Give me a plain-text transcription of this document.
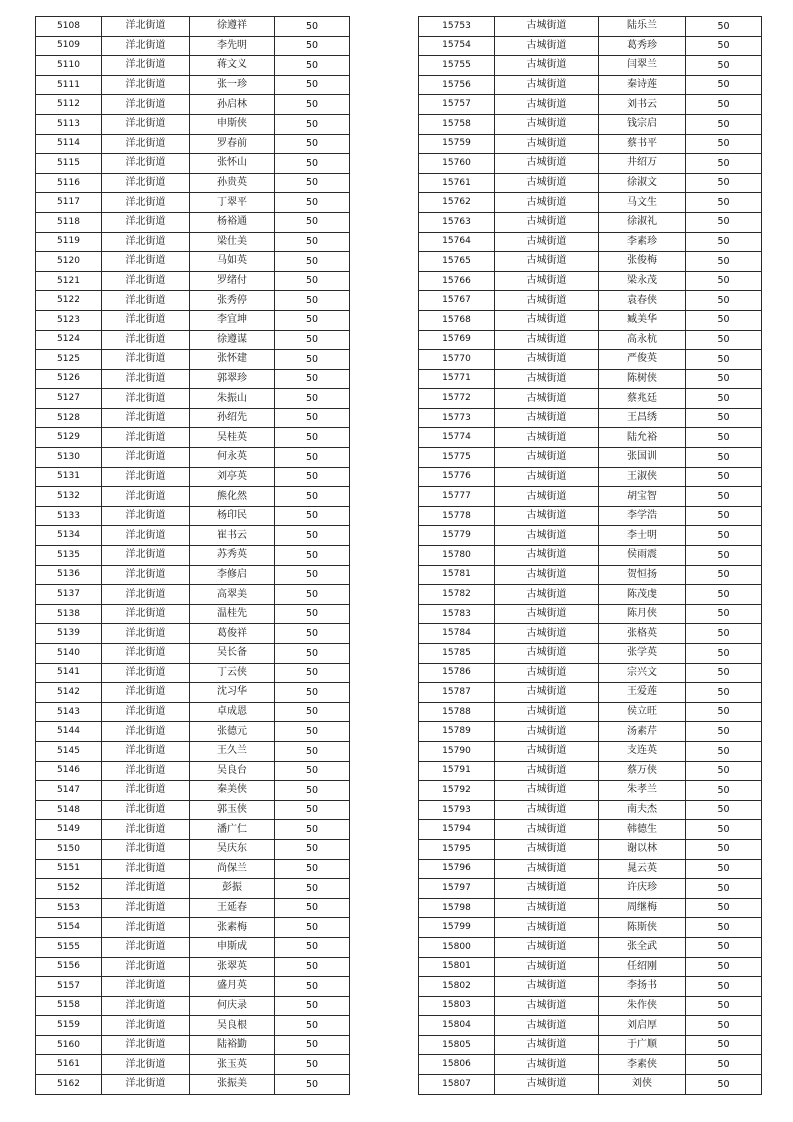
5108	洋北街道	徐遵祥	50
5109	洋北街道	李先明	50
5110	洋北街道	蒋文义	50
5111	洋北街道	张一珍	50
5112	洋北街道	孙启林	50
5113	洋北街道	申斯侠	50
5114	洋北街道	罗春前	50
5115	洋北街道	张怀山	50
5116	洋北街道	孙贵英	50
5117	洋北街道	丁翠平	50
5118	洋北街道	杨裕通	50
5119	洋北街道	梁仕美	50
5120	洋北街道	马如英	50
5121	洋北街道	罗绪付	50
5122	洋北街道	张秀停	50
5123	洋北街道	李宜坤	50
5124	洋北街道	徐遵谋	50
5125	洋北街道	张怀建	50
5126	洋北街道	郭翠珍	50
5127	洋北街道	朱振山	50
5128	洋北街道	孙绍先	50
5129	洋北街道	吴桂英	50
5130	洋北街道	何永英	50
5131	洋北街道	刘亭英	50
5132	洋北街道	熊化然	50
5133	洋北街道	杨印民	50
5134	洋北街道	崔书云	50
5135	洋北街道	苏秀英	50
5136	洋北街道	李修启	50
5137	洋北街道	高翠美	50
5138	洋北街道	温桂先	50
5139	洋北街道	葛俊祥	50
5140	洋北街道	吴长备	50
5141	洋北街道	丁云侠	50
5142	洋北街道	沈习华	50
5143	洋北街道	卓成恩	50
5144	洋北街道	张德元	50
5145	洋北街道	王久兰	50
5146	洋北街道	吴良台	50
5147	洋北街道	秦美侠	50
5148	洋北街道	郭玉侠	50
5149	洋北街道	潘广仁	50
5150	洋北街道	吴庆东	50
5151	洋北街道	尚保兰	50
5152	洋北街道	彭振	50
5153	洋北街道	王延春	50
5154	洋北街道	张素梅	50
5155	洋北街道	申斯成	50
5156	洋北街道	张翠英	50
5157	洋北街道	盛月英	50
5158	洋北街道	何庆录	50
5159	洋北街道	吴良根	50
5160	洋北街道	陆裕勤	50
5161	洋北街道	张玉英	50
5162	洋北街道	张振美	50
15753	古城街道	陆乐兰	50
15754	古城街道	葛秀珍	50
15755	古城街道	闫翠兰	50
15756	古城街道	秦诗莲	50
15757	古城街道	刘书云	50
15758	古城街道	钱宗启	50
15759	古城街道	蔡书平	50
15760	古城街道	井绍万	50
15761	古城街道	徐淑文	50
15762	古城街道	马文生	50
15763	古城街道	徐淑礼	50
15764	古城街道	李素珍	50
15765	古城街道	张俊梅	50
15766	古城街道	梁永茂	50
15767	古城街道	袁春侠	50
15768	古城街道	臧美华	50
15769	古城街道	高永杭	50
15770	古城街道	严俊英	50
15771	古城街道	陈树侠	50
15772	古城街道	蔡兆廷	50
15773	古城街道	王昌绣	50
15774	古城街道	陆允裕	50
15775	古城街道	张国训	50
15776	古城街道	王淑侠	50
15777	古城街道	胡宝智	50
15778	古城街道	李学浩	50
15779	古城街道	李士明	50
15780	古城街道	侯雨震	50
15781	古城街道	贺恒扬	50
15782	古城街道	陈茂虔	50
15783	古城街道	陈月侠	50
15784	古城街道	张格英	50
15785	古城街道	张学英	50
15786	古城街道	宗兴文	50
15787	古城街道	王爱莲	50
15788	古城街道	侯立旺	50
15789	古城街道	汤素芹	50
15790	古城街道	支连英	50
15791	古城街道	蔡万侠	50
15792	古城街道	朱孝兰	50
15793	古城街道	南夫杰	50
15794	古城街道	韩德生	50
15795	古城街道	谢以林	50
15796	古城街道	晁云英	50
15797	古城街道	许庆珍	50
15798	古城街道	周继梅	50
15799	古城街道	陈斯侠	50
15800	古城街道	张全武	50
15801	古城街道	任绍刚	50
15802	古城街道	李扬书	50
15803	古城街道	朱作侠	50
15804	古城街道	刘启厚	50
15805	古城街道	于广顺	50
15806	古城街道	李素侠	50
15807	古城街道	刘侠	50
